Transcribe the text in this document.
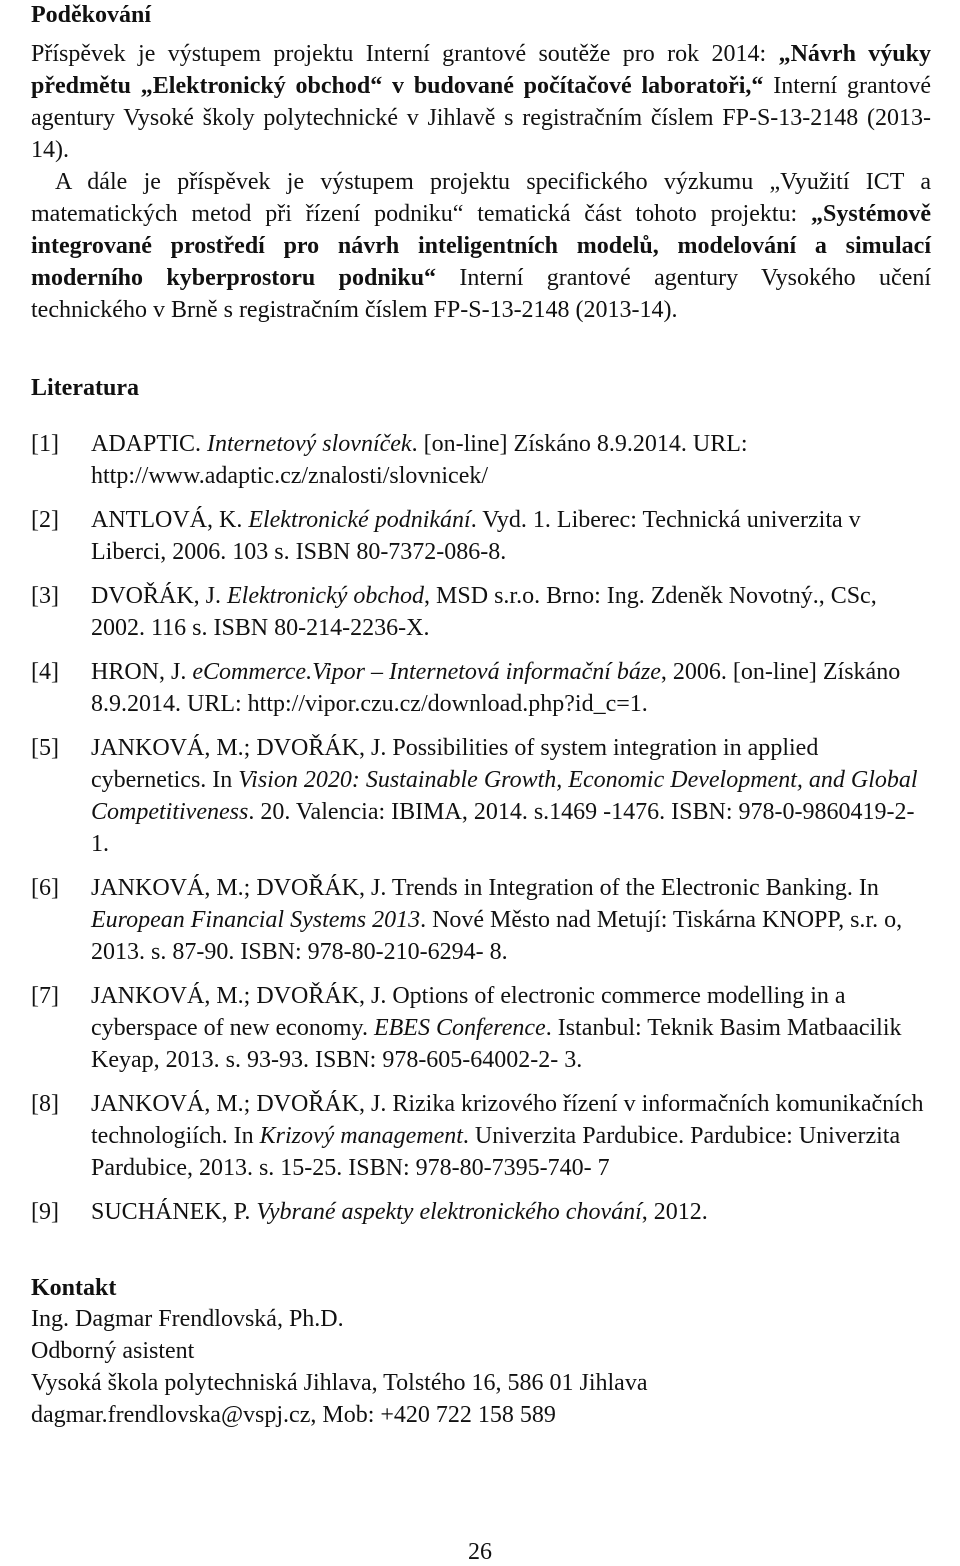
Poděkování

Příspěvek je výstupem projektu Interní grantové soutěže pro rok 2014: „Návrh výuky předmětu „Elektronický obchod“ v budované počítačové laboratoři,“ Interní grantové agentury Vysoké školy polytechnické v Jihlavě s registračním číslem FP-S-13-2148 (2013-14).

A dále je příspěvek je výstupem projektu specifického výzkumu „Využití ICT a matematických metod při řízení podniku“ tematická část tohoto projektu: „Systémově integrované prostředí pro návrh inteligentních modelů, modelování a simulací moderního kyberprostoru podniku“ Interní grantové agentury Vysokého učení technického v Brně s registračním číslem FP-S-13-2148 (2013-14).

Literatura
[1]	ADAPTIC. Internetový slovníček. [on-line] Získáno 8.9.2014. URL: http://www.adaptic.cz/znalosti/slovnicek/
[2]	ANTLOVÁ, K. Elektronické podnikání. Vyd. 1. Liberec: Technická univerzita v Liberci, 2006. 103 s. ISBN 80-7372-086-8.
[3]	DVOŘÁK, J. Elektronický obchod, MSD s.r.o. Brno: Ing. Zdeněk Novotný., CSc, 2002. 116 s. ISBN 80-214-2236-X.
[4]	HRON, J. eCommerce.Vipor – Internetová informační báze, 2006. [on-line] Získáno 8.9.2014. URL: http://vipor.czu.cz/download.php?id_c=1.
[5]	JANKOVÁ, M.; DVOŘÁK, J. Possibilities of system integration in applied cybernetics. In Vision 2020: Sustainable Growth, Economic Development, and Global Competitiveness. 20. Valencia: IBIMA, 2014. s.1469 -1476. ISBN: 978-0-9860419-2- 1.
[6]	JANKOVÁ, M.; DVOŘÁK, J. Trends in Integration of the Electronic Banking. In European Financial Systems 2013. Nové Město nad Metují: Tiskárna KNOPP, s.r. o, 2013. s. 87-90. ISBN: 978-80-210-6294- 8.
[7]	JANKOVÁ, M.; DVOŘÁK, J. Options of electronic commerce modelling in a cyberspace of new economy. EBES Conference. Istanbul: Teknik Basim Matbaacilik Keyap, 2013. s. 93-93. ISBN: 978-605-64002-2- 3.
[8]	JANKOVÁ, M.; DVOŘÁK, J. Rizika krizového řízení v informačních komunikačních technologiích. In Krizový management. Univerzita Pardubice. Pardubice: Univerzita Pardubice, 2013. s. 15-25. ISBN: 978-80-7395-740- 7
[9]	SUCHÁNEK, P. Vybrané aspekty elektronického chování, 2012.
Kontakt
Ing. Dagmar Frendlovská, Ph.D.
Odborný asistent
Vysoká škola polytechniská Jihlava, Tolstého 16, 586 01 Jihlava
dagmar.frendlovska@vspj.cz, Mob: +420 722 158 589
26
